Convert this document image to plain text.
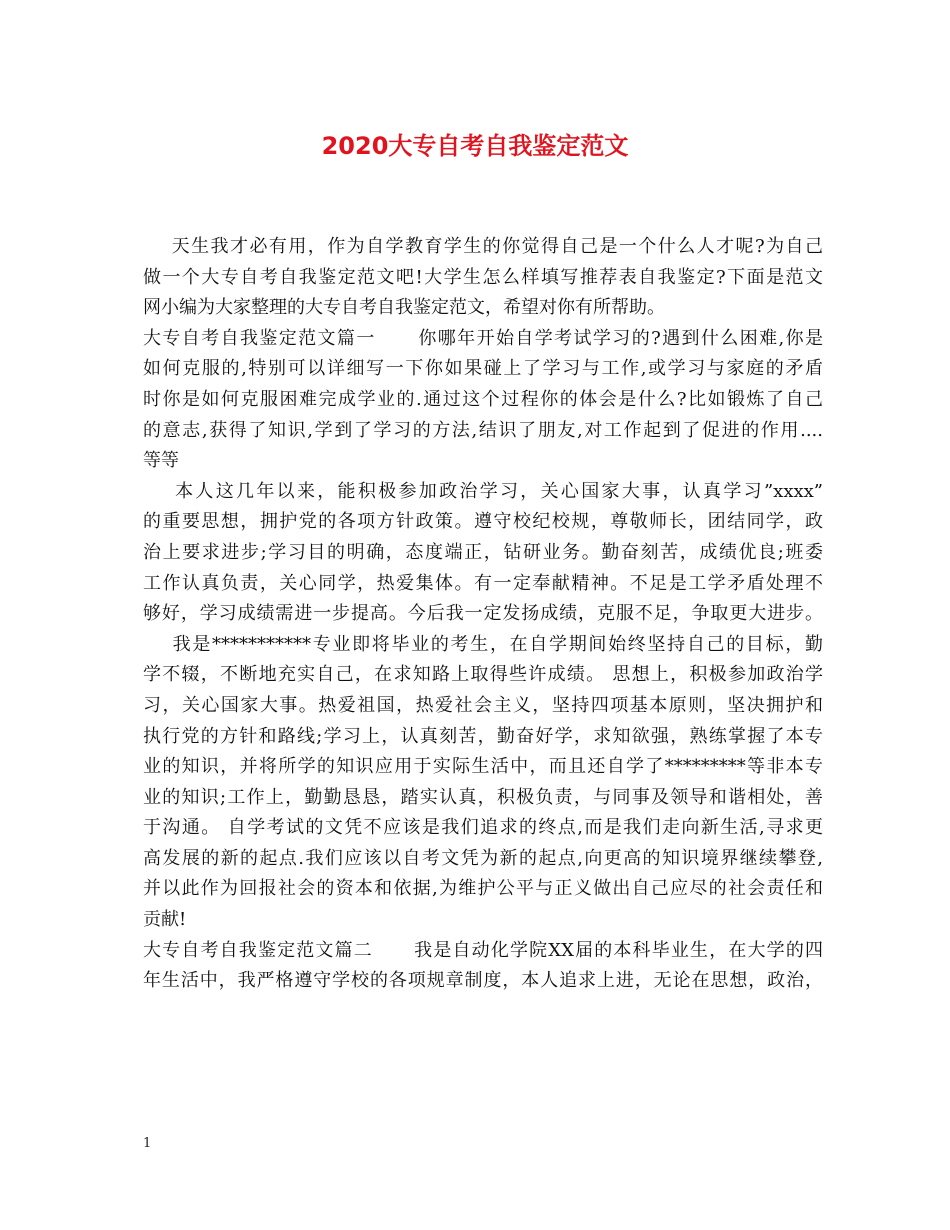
2020大专自考自我鉴定范文
天生我才必有用，作为自学教育学生的你觉得自己是一个什么人才呢?为自己
做一个大专自考自我鉴定范文吧!大学生怎么样填写推荐表自我鉴定?下面是范文
网小编为大家整理的大专自考自我鉴定范文，希望对你有所帮助。
大专自考自我鉴定范文篇一      你哪年开始自学考试学习的?遇到什么困难,你是
如何克服的,特别可以详细写一下你如果碰上了学习与工作,或学习与家庭的矛盾
时你是如何克服困难完成学业的.通过这个过程你的体会是什么?比如锻炼了自己
的意志,获得了知识,学到了学习的方法,结识了朋友,对工作起到了促进的作用....
等等
本人这几年以来，能积极参加政治学习，关心国家大事，认真学习”xxxx”
的重要思想，拥护党的各项方针政策。遵守校纪校规，尊敬师长，团结同学，政
治上要求进步;学习目的明确，态度端正，钻研业务。勤奋刻苦，成绩优良;班委
工作认真负责，关心同学，热爱集体。有一定奉献精神。不足是工学矛盾处理不
够好，学习成绩需进一步提高。今后我一定发扬成绩，克服不足，争取更大进步。
我是***********专业即将毕业的考生，在自学期间始终坚持自己的目标，勤
学不辍，不断地充实自己，在求知路上取得些许成绩。 思想上，积极参加政治学
习，关心国家大事。热爱祖国，热爱社会主义，坚持四项基本原则，坚决拥护和
执行党的方针和路线;学习上，认真刻苦，勤奋好学，求知欲强，熟练掌握了本专
业的知识，并将所学的知识应用于实际生活中，而且还自学了*********等非本专
业的知识;工作上，勤勤恳恳，踏实认真，积极负责，与同事及领导和谐相处，善
于沟通。 自学考试的文凭不应该是我们追求的终点,而是我们走向新生活,寻求更
高发展的新的起点.我们应该以自考文凭为新的起点,向更高的知识境界继续攀登,
并以此作为回报社会的资本和依据,为维护公平与正义做出自己应尽的社会责任和
贡献!
大专自考自我鉴定范文篇二      我是自动化学院XX届的本科毕业生，在大学的四
年生活中，我严格遵守学校的各项规章制度，本人追求上进，无论在思想，政治，
1
